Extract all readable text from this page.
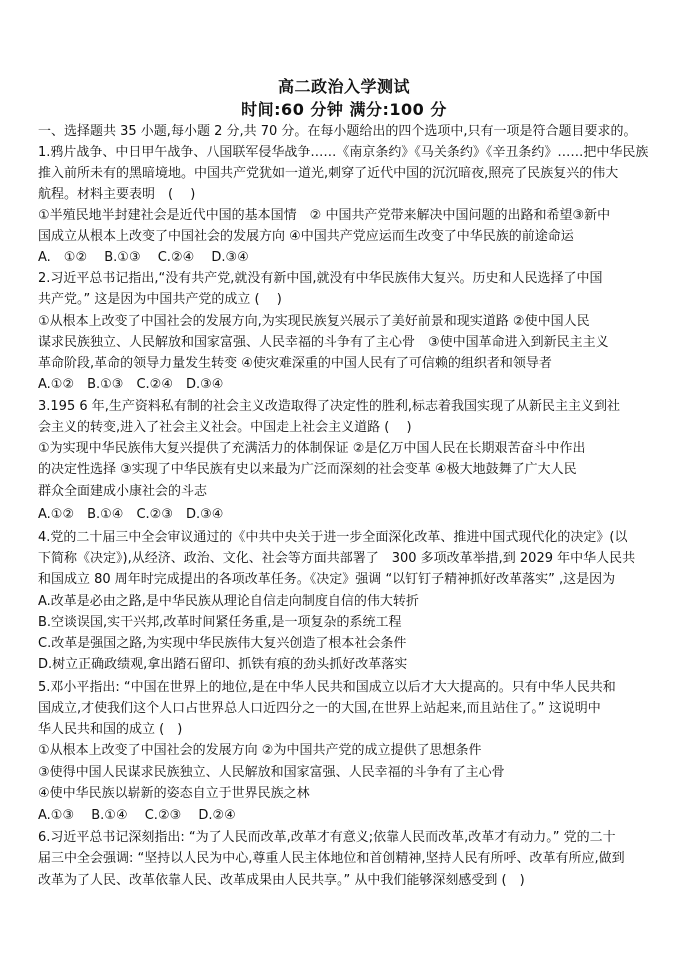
高二政治入学测试
时间:60 分钟 满分:100 分
一、选择题共 35 小题,每小题 2 分,共 70 分。在每小题给出的四个选项中,只有一项是符合题目要求的。
1.鸦片战争、中日甲午战争、八国联军侵华战争……《南京条约》《马关条约》《辛丑条约》……把中华民族
推入前所未有的黑暗境地。中国共产党犹如一道光,刺穿了近代中国的沉沉暗夜,照亮了民族复兴的伟大
航程。材料主要表明　(　 )
①半殖民地半封建社会是近代中国的基本国情　② 中国共产党带来解决中国问题的出路和希望③新中
国成立从根本上改变了中国社会的发展方向 ④中国共产党应运而生改变了中华民族的前途命运
A.　①②　 B.①③　 C.②④　 D.③④
2.习近平总书记指出,“没有共产党,就没有新中国,就没有中华民族伟大复兴。历史和人民选择了中国
共产党。” 这是因为中国共产党的成立 (　 )
①从根本上改变了中国社会的发展方向,为实现民族复兴展示了美好前景和现实道路 ②使中国人民
谋求民族独立、人民解放和国家富强、人民幸福的斗争有了主心骨　③使中国革命进入到新民主主义
革命阶段,革命的领导力量发生转变 ④使灾难深重的中国人民有了可信赖的组织者和领导者
A.①②　B.①③　C.②④　D.③④
3.195 6 年,生产资料私有制的社会主义改造取得了决定性的胜利,标志着我国实现了从新民主主义到社
会主义的转变,进入了社会主义社会。中国走上社会主义道路 (　 )
①为实现中华民族伟大复兴提供了充满活力的体制保证 ②是亿万中国人民在长期艰苦奋斗中作出
的决定性选择 ③实现了中华民族有史以来最为广泛而深刻的社会变革 ④极大地鼓舞了广大人民
群众全面建成小康社会的斗志
A.①②　B.①④　C.②③　D.③④
4.党的二十届三中全会审议通过的《中共中央关于进一步全面深化改革、推进中国式现代化的决定》(以
下简称《决定》),从经济、政治、文化、社会等方面共部署了　300 多项改革举措,到 2029 年中华人民共
和国成立 80 周年时完成提出的各项改革任务。《决定》强调 “以钉钉子精神抓好改革落实” ,这是因为
A.改革是必由之路,是中华民族从理论自信走向制度自信的伟大转折
B.空谈误国,实干兴邦,改革时间紧任务重,是一项复杂的系统工程
C.改革是强国之路,为实现中华民族伟大复兴创造了根本社会条件
D.树立正确政绩观,拿出踏石留印、抓铁有痕的劲头抓好改革落实
5.邓小平指出: “中国在世界上的地位,是在中华人民共和国成立以后才大大提高的。只有中华人民共和
国成立,才使我们这个人口占世界总人口近四分之一的大国,在世界上站起来,而且站住了。” 这说明中
华人民共和国的成立 (　)
①从根本上改变了中国社会的发展方向 ②为中国共产党的成立提供了思想条件
③使得中国人民谋求民族独立、人民解放和国家富强、人民幸福的斗争有了主心骨
④使中华民族以崭新的姿态自立于世界民族之林
A.①③　 B.①④　 C.②③　 D.②④
6.习近平总书记深刻指出: “为了人民而改革,改革才有意义;依靠人民而改革,改革才有动力。” 党的二十
届三中全会强调: “坚持以人民为中心,尊重人民主体地位和首创精神,坚持人民有所呼、改革有所应,做到
改革为了人民、改革依靠人民、改革成果由人民共享。” 从中我们能够深刻感受到 (　)
